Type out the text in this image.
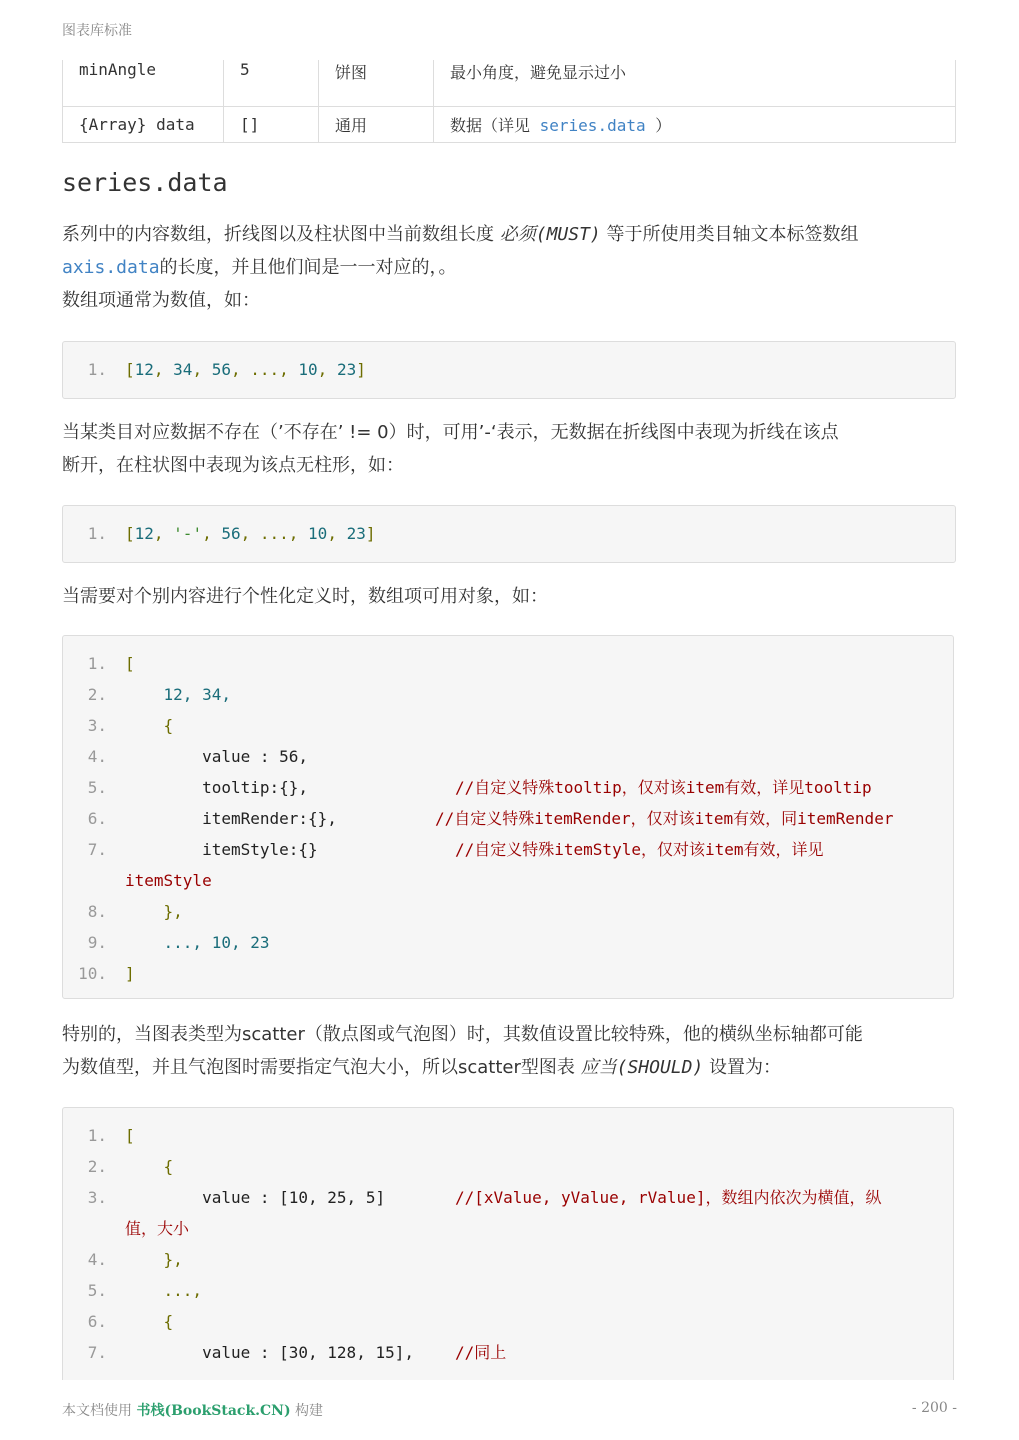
图表库标准
minAngle	5	饼图	最小角度，避免显示过小
{Array} data	[]	通用	数据（详见 series.data ）
series.data

系列中的内容数组，折线图以及柱状图中当前数组长度 必须(MUST) 等于所使用类目轴文本标签数组
axis.data的长度，并且他们间是一一对应的，。
数组项通常为数值，如：

1. [12, 34, 56, ..., 10, 23]

当某类目对应数据不存在（’不存在’ != 0）时，可用’-‘表示，无数据在折线图中表现为折线在该点
断开，在柱状图中表现为该点无柱形，如：

1. [12, '-', 56, ..., 10, 23]

当需要对个别内容进行个性化定义时，数组项可用对象，如：

1. [
2. 12, 34,
3. {
4. value : 56,
5. tooltip:{},	//自定义特殊tooltip，仅对该item有效，详见tooltip
6. itemRender:{},	//自定义特殊itemRender，仅对该item有效，同itemRender
7. itemStyle:{}	//自定义特殊itemStyle，仅对该item有效，详见
itemStyle
8. },
9. ..., 10, 23
10. ]

特别的，当图表类型为scatter（散点图或气泡图）时，其数值设置比较特殊，他的横纵坐标轴都可能
为数值型，并且气泡图时需要指定气泡大小，所以scatter型图表 应当(SHOULD) 设置为：

1. [
2. {
3. value : [10, 25, 5]	//[xValue, yValue, rValue]，数组内依次为横值，纵
值，大小
4. },
5. ...,
6. {
7. value : [30, 128, 15],	//同上
本文档使用 书栈(BookStack.CN) 构建	- 200 -
